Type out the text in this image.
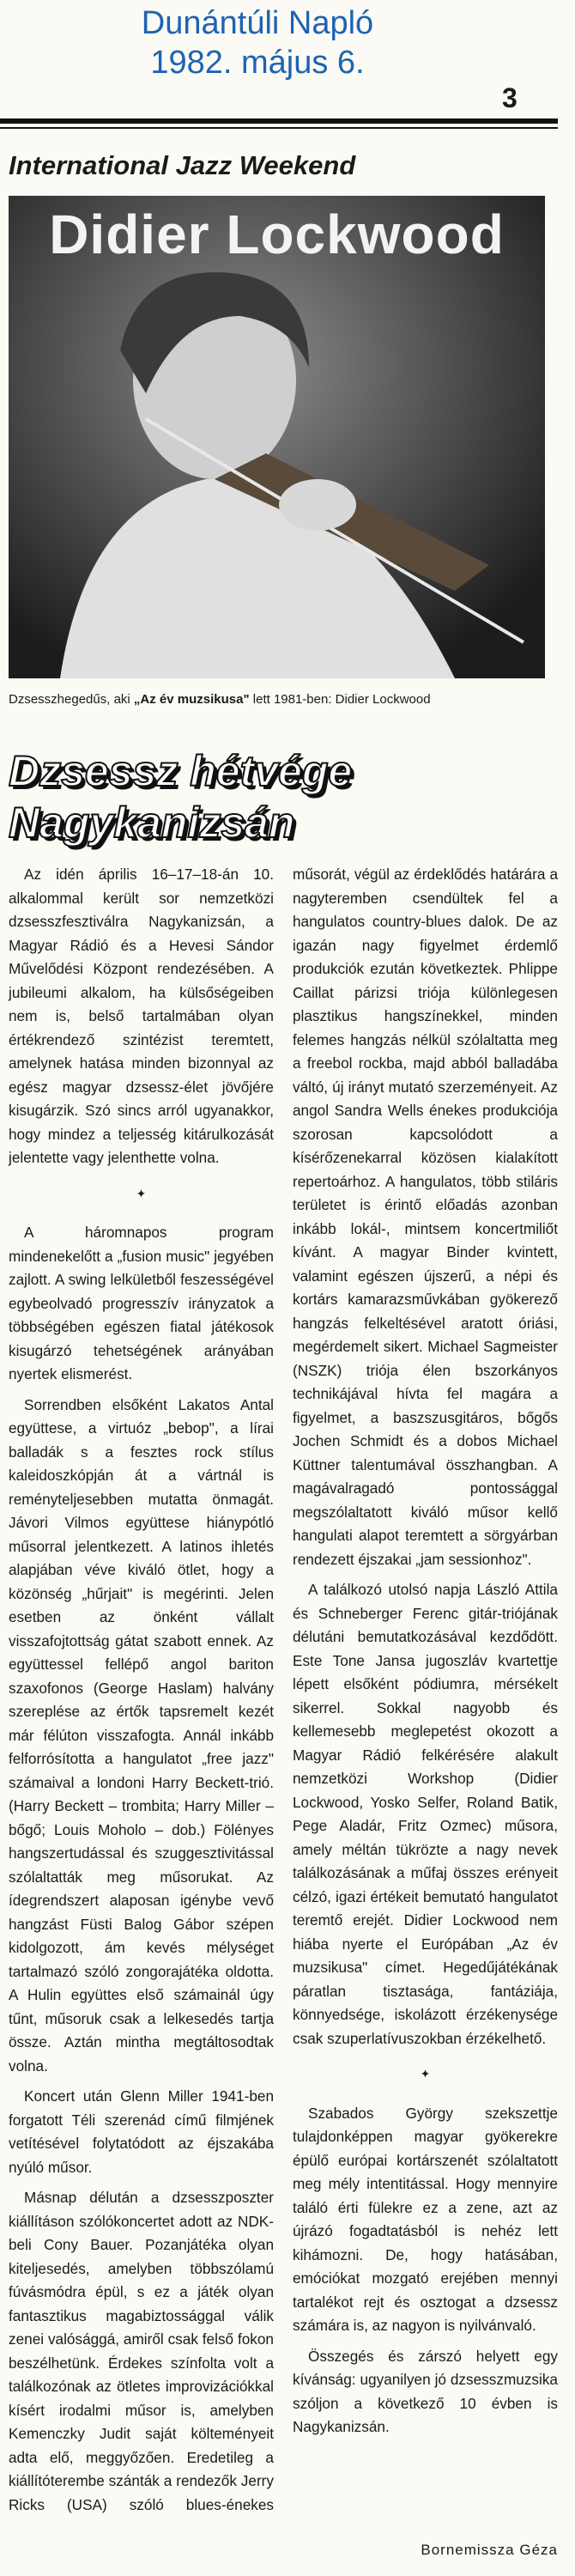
Dunántúli Napló
1982. május 6.
3
International Jazz Weekend
Didier Lockwood
Dzsesszhegedűs, aki „Az év muzsikusa" lett 1981-ben: Didier Lockwood
Dzsessz hétvége
Nagykanizsán

Az idén április 16–17–18-án 10. alkalommal került sor nemzetközi dzsesszfesztiválra Nagykanizsán, a Magyar Rádió és a Hevesi Sándor Művelődési Központ rendezésében. A jubileumi alkalom, ha külsőségeiben nem is, belső tartalmában olyan értékrendező szintézist teremtett, amelynek hatása minden bizonnyal az egész magyar dzsessz-élet jövőjére kisugárzik. Szó sincs arról ugyanakkor, hogy mindez a teljesség kitárulkozását jelentette vagy jelenthette volna.

✦

A háromnapos program mindenekelőtt a „fusion music" jegyében zajlott. A swing lelkületből feszességével egybeolvadó progresszív irányzatok a többségében egészen fiatal játékosok kisugárzó tehetségének arányában nyertek elismerést.

Sorrendben elsőként Lakatos Antal együttese, a virtuóz „bebop", a lírai balladák s a fesztes rock stílus kaleidoszkópján át a vártnál is reményteljesebben mutatta önmagát. Jávori Vilmos együttese hiánypótló műsorral jelentkezett. A latinos ihletés alapjában véve kiváló ötlet, hogy a közönség „hűrjait" is megérinti. Jelen esetben az önként vállalt visszafojtottság gátat szabott ennek. Az együttessel fellépő angol bariton szaxofonos (George Haslam) halvány szereplése az értők tapsremelt kezét már félúton visszafogta. Annál inkább felforrósította a hangulatot „free jazz" számaival a londoni Harry Beckett-trió. (Harry Beckett – trombita; Harry Miller – bőgő; Louis Moholo – dob.) Fölényes hangszertudással és szuggesztivitással szólaltatták meg műsorukat. Az ídegrendszert alaposan igénybe vevő hangzást Füsti Balog Gábor szépen kidolgozott, ám kevés mélységet tartalmazó szóló zongorajátéka oldotta. A Hulin együttes első számainál úgy tűnt, műsoruk csak a lelkesedés tartja össze. Aztán mintha megtáltosodtak volna.

Koncert után Glenn Miller 1941-ben forgatott Téli szerenád című filmjének vetítésével folytatódott az éjszakába nyúló műsor.

Másnap délután a dzsesszposzter kiállításon szólókoncertet adott az NDK-beli Cony Bauer. Pozanjátéka olyan kiteljesedés, amelyben többszólamú fúvásmódra épül, s ez a játék olyan fantasztikus magabiztossággal válik zenei valósággá, amiről csak felső fokon beszélhetünk. Érdekes színfolta volt a találkozónak az ötletes improvizációkkal kísért irodalmi műsor is, amelyben Kemenczky Judit saját költeményeit adta elő, meggyőzően. Eredetileg a kiállítóterembe szánták a rendezők Jerry Ricks (USA) szóló blues-énekes műsorát, végül az érdeklődés határára a nagyteremben csendültek fel a hangulatos country-blues dalok. De az igazán nagy figyelmet érdemlő produkciók ezután következtek. Phlippe Caillat párizsi triója különlegesen plasztikus hangszínekkel, minden felemes hangzás nélkül szólaltatta meg a freebol rockba, majd abból balladába váltó, új irányt mutató szerzeményeit. Az angol Sandra Wells énekes produkciója szorosan kapcsolódott a kísérőzenekarral közösen kialakított repertoárhoz. A hangulatos, több stiláris területet is érintő előadás azonban inkább lokál-, mintsem koncertmiliőt kívánt. A magyar Binder kvintett, valamint egészen újszerű, a népi és kortárs kamarazsművkában gyökerező hangzás felkeltésével aratott óriási, megérdemelt sikert. Michael Sagmeister (NSZK) triója élen bszorkányos technikájával hívta fel magára a figyelmet, a baszszusgitáros, bőgős Jochen Schmidt és a dobos Michael Küttner talentumával összhangban. A magávalragadó pontossággal megszólaltatott kiváló műsor kellő hangulati alapot teremtett a sörgyárban rendezett éjszakai „jam sessionhoz".

A találkozó utolsó napja László Attila és Schneberger Ferenc gitár-triójának délutáni bemutatkozásával kezdődött. Este Tone Jansa jugoszláv kvartettje lépett elsőként pódiumra, mérsékelt sikerrel. Sokkal nagyobb és kellemesebb meglepetést okozott a Magyar Rádió felkérésére alakult nemzetközi Workshop (Didier Lockwood, Yosko Selfer, Roland Batik, Pege Aladár, Fritz Ozmec) műsora, amely méltán tükrözte a nagy nevek találkozásának a műfaj összes erényeit célzó, igazi értékeit bemutató hangulatot teremtő erejét. Didier Lockwood nem hiába nyerte el Európában „Az év muzsikusa" címet. Hegedűjátékának páratlan tisztasága, fantáziája, könnyedsége, iskolázott érzékenysége csak szuperlatívuszokban érzékelhető.

✦

Szabados György szekszettje tulajdonképpen magyar gyökerekre épülő európai kortárszenét szólaltatott meg mély intentitással. Hogy mennyire találó érti fülekre ez a zene, azt az újrázó fogadtatásból is nehéz lett kihámozni. De, hogy hatásában, emóciókat mozgató erejében mennyi tartalékot rejt és osztogat a dzsessz számára is, az nagyon is nyilvánvaló.

Összegés és zárszó helyett egy kívánság: ugyanilyen jó dzsesszmuzsika szóljon a következő 10 évben is Nagykanizsán.

Bornemissza Géza
